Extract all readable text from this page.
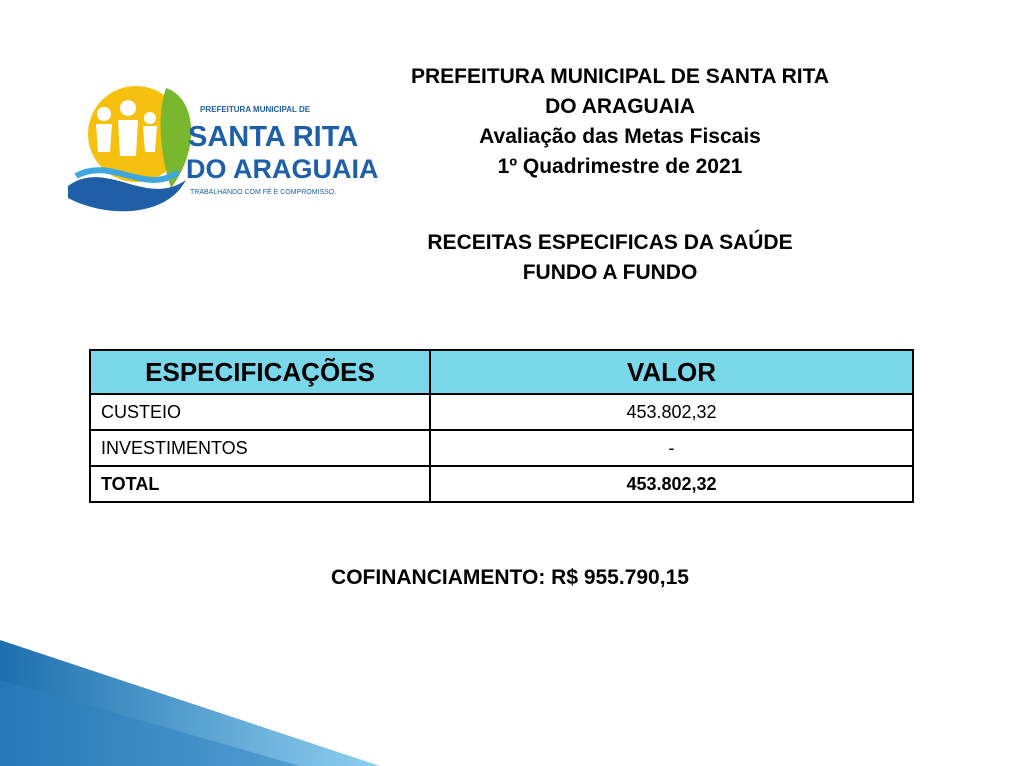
PREFEITURA MUNICIPAL DE
SANTA RITA
DO ARAGUAIA
TRABALHANDO COM FÉ E COMPROMISSO.
PREFEITURA MUNICIPAL DE SANTA RITA
DO ARAGUAIA
Avaliação das Metas Fiscais
1º Quadrimestre de 2021
RECEITAS ESPECIFICAS DA SAÚDE
FUNDO A FUNDO
ESPECIFICAÇÕES	VALOR
CUSTEIO	453.802,32
INVESTIMENTOS	-
TOTAL	453.802,32
COFINANCIAMENTO: R$ 955.790,15
